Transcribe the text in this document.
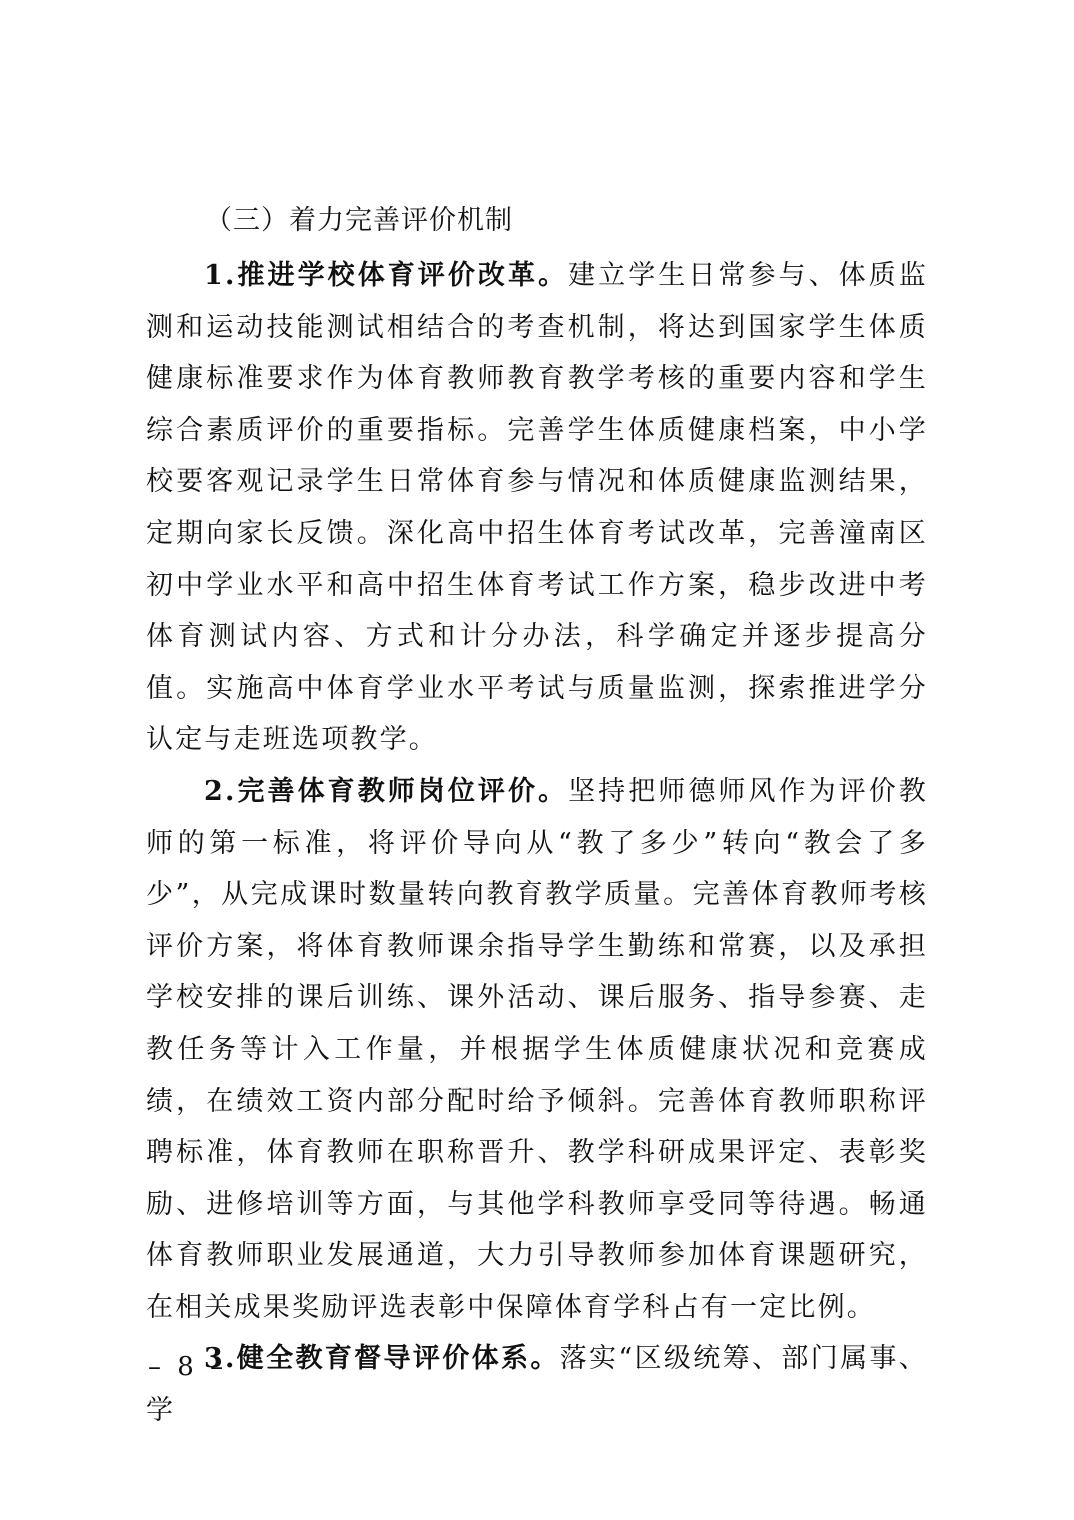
（三）着力完善评价机制

1.推进学校体育评价改革。建立学生日常参与、体质监测和运动技能测试相结合的考查机制，将达到国家学生体质健康标准要求作为体育教师教育教学考核的重要内容和学生综合素质评价的重要指标。完善学生体质健康档案，中小学校要客观记录学生日常体育参与情况和体质健康监测结果，定期向家长反馈。深化高中招生体育考试改革，完善潼南区初中学业水平和高中招生体育考试工作方案，稳步改进中考体育测试内容、方式和计分办法，科学确定并逐步提高分值。实施高中体育学业水平考试与质量监测，探索推进学分认定与走班选项教学。

2.完善体育教师岗位评价。坚持把师德师风作为评价教师的第一标准，将评价导向从“教了多少”转向“教会了多少”，从完成课时数量转向教育教学质量。完善体育教师考核评价方案，将体育教师课余指导学生勤练和常赛，以及承担学校安排的课后训练、课外活动、课后服务、指导参赛、走教任务等计入工作量，并根据学生体质健康状况和竞赛成绩，在绩效工资内部分配时给予倾斜。完善体育教师职称评聘标准，体育教师在职称晋升、教学科研成果评定、表彰奖励、进修培训等方面，与其他学科教师享受同等待遇。畅通体育教师职业发展通道，大力引导教师参加体育课题研究，在相关成果奖励评选表彰中保障体育学科占有一定比例。

3.健全教育督导评价体系。落实“区级统筹、部门属事、学

– 8 –
